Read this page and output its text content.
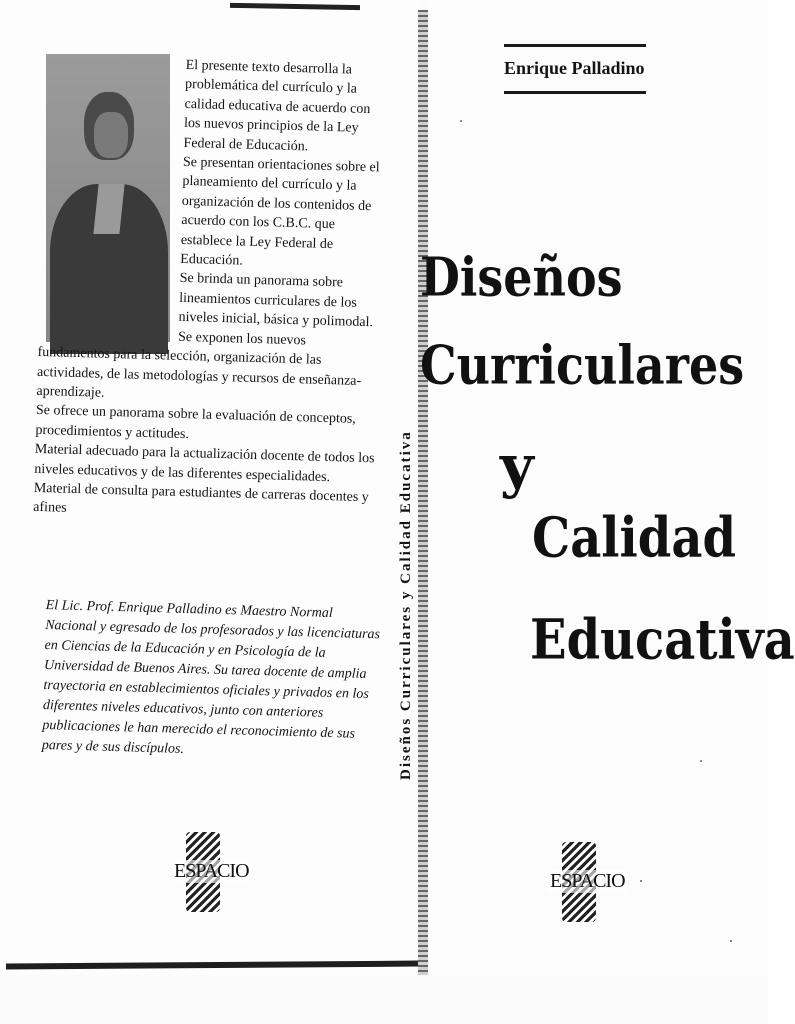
El presente texto desarrolla la problemática del currículo y la calidad educativa de acuerdo con los nuevos principios de la Ley Federal de Educación.

Se presentan orientaciones sobre el planeamiento del currículo y la organización de los contenidos de acuerdo con los C.B.C. que establece la Ley Federal de Educación.

Se brinda un panorama sobre lineamientos curriculares de los niveles inicial, básica y polimodal.

Se exponen los nuevos fundamentos para la selección, organización de las actividades, de las metodologías y recursos de enseñanza-aprendizaje.

Se ofrece un panorama sobre la evaluación de conceptos, procedimientos y actitudes.

Material adecuado para la actualización docente de todos los niveles educativos y de las diferentes especialidades. Material de consulta para estudiantes de carreras docentes y afines

El Lic. Prof. Enrique Palladino es Maestro Normal Nacional y egresado de los profesorados y las licenciaturas en Ciencias de la Educación y en Psicología de la Universidad de Buenos Aires. Su tarea docente de amplia trayectoria en establecimientos oficiales y privados en los diferentes niveles educativos, junto con anteriores publicaciones le han merecido el reconocimiento de sus pares y de sus discípulos.
ESPACIO
Diseños Curriculares y Calidad Educativa
Enrique Palladino
Diseños
Curriculares
y
Calidad
Educativa
ESPACIO
